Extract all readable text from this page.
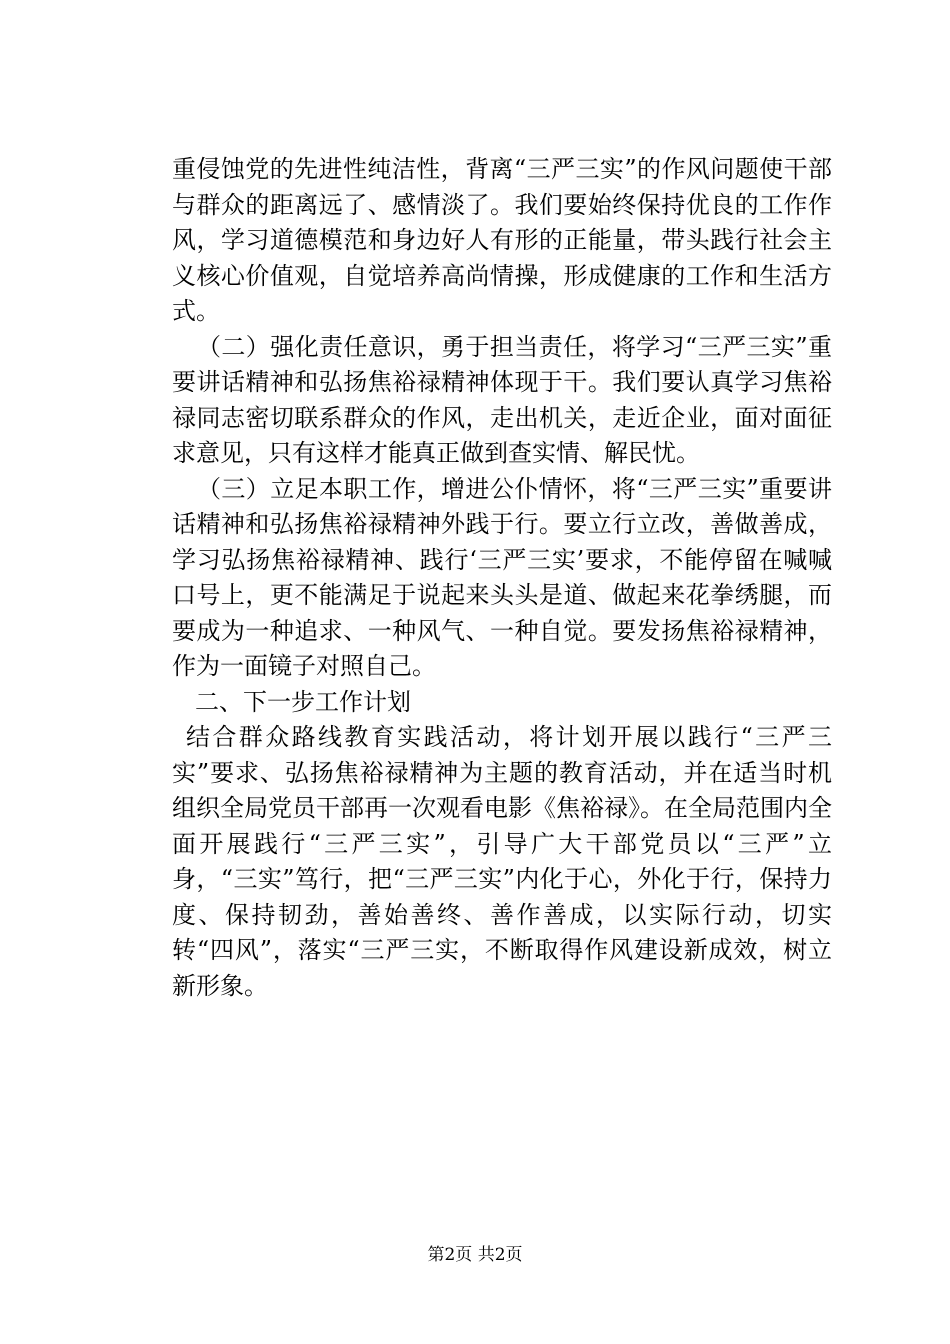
重侵蚀党的先进性纯洁性，背离“三严三实”的作风问题使干部与群众的距离远了、感情淡了。我们要始终保持优良的工作作风，学习道德模范和身边好人有形的正能量，带头践行社会主义核心价值观，自觉培养高尚情操，形成健康的工作和生活方式。

（二）强化责任意识，勇于担当责任，将学习“三严三实”重要讲话精神和弘扬焦裕禄精神体现于干。我们要认真学习焦裕禄同志密切联系群众的作风，走出机关，走近企业，面对面征求意见，只有这样才能真正做到查实情、解民忧。

（三）立足本职工作，增进公仆情怀，将“三严三实”重要讲话精神和弘扬焦裕禄精神外践于行。要立行立改，善做善成，学习弘扬焦裕禄精神、践行‘三严三实’要求，不能停留在喊喊口号上，更不能满足于说起来头头是道、做起来花拳绣腿，而要成为一种追求、一种风气、一种自觉。要发扬焦裕禄精神，作为一面镜子对照自己。

二、下一步工作计划

结合群众路线教育实践活动，将计划开展以践行“三严三实”要求、弘扬焦裕禄精神为主题的教育活动，并在适当时机组织全局党员干部再一次观看电影《焦裕禄》。在全局范围内全面开展践行“三严三实”，引导广大干部党员以“三严”立身，“三实”笃行，把“三严三实”内化于心，外化于行，保持力度、保持韧劲，善始善终、善作善成，以实际行动，切实转“四风”，落实“三严三实，不断取得作风建设新成效，树立新形象。

第2页 共2页
